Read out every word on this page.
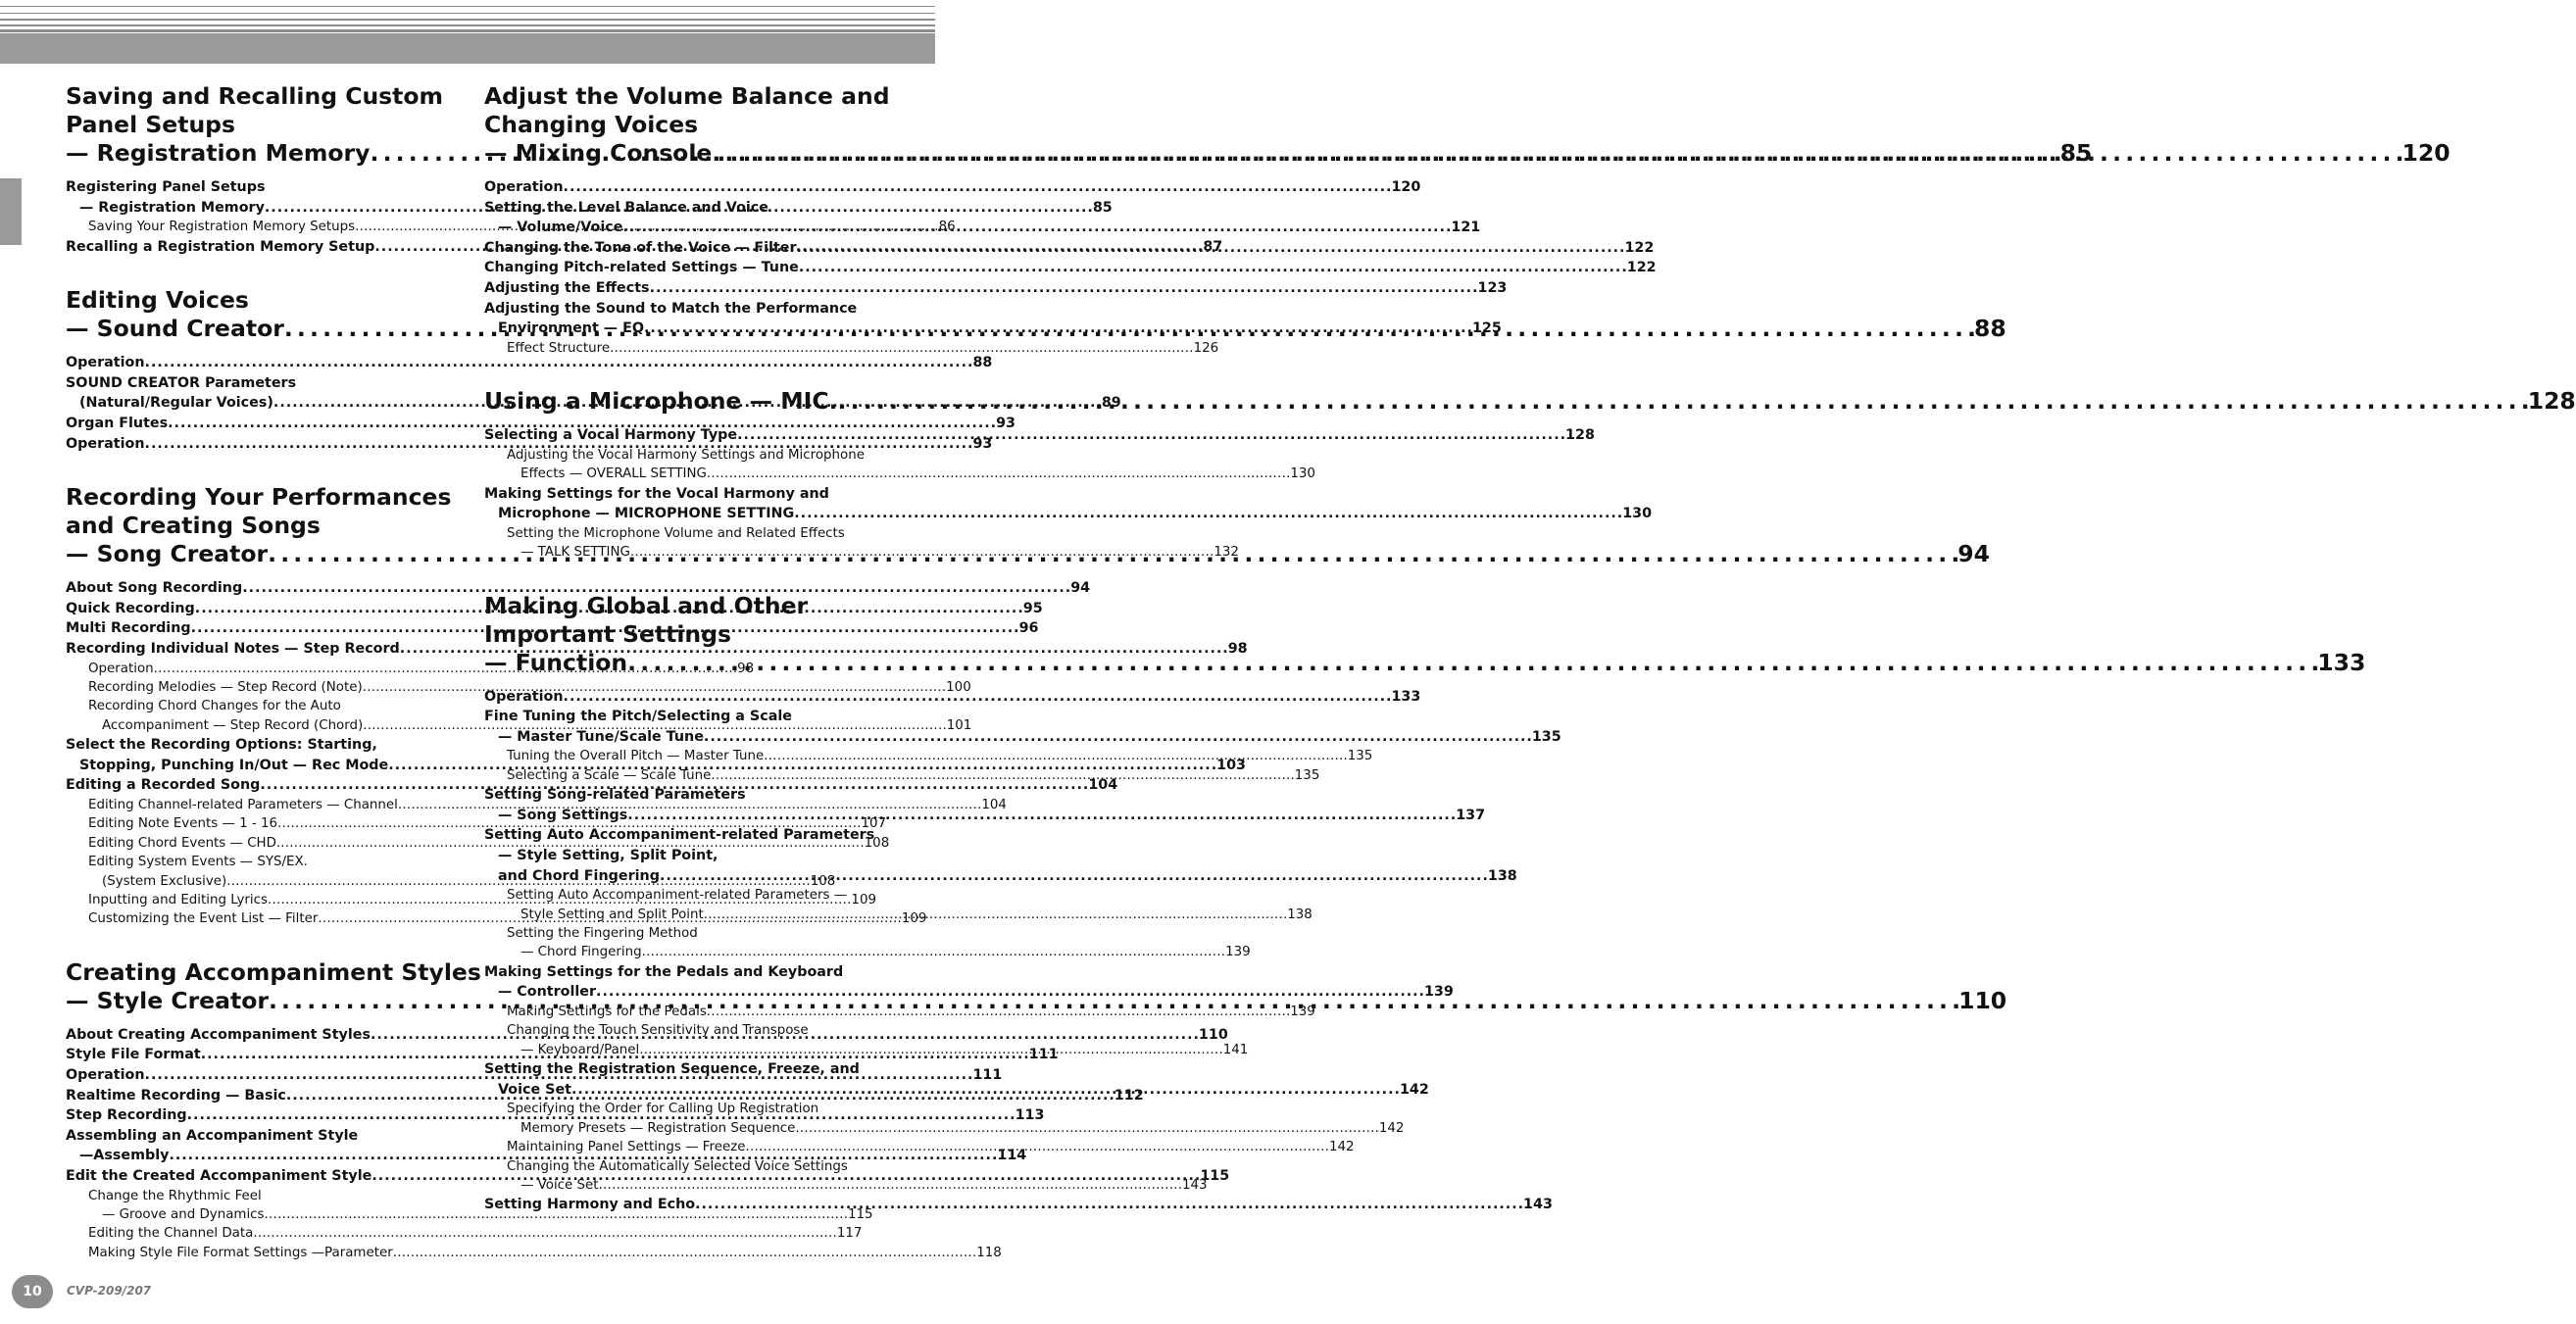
Saving and Recalling Custom
Panel Setups
— Registration Memory . . .	85
Registering Panel Setups
— Registration Memory . . .	85
Saving Your Registration Memory Setups . . .	86
Recalling a Registration Memory Setup . . .	87
Editing Voices
— Sound Creator . . .	88
Operation . . .	88
SOUND CREATOR Parameters
(Natural/Regular Voices) . . .	89
Organ Flutes . . .	93
Operation . . .	93
Recording Your Performances
and Creating Songs
— Song Creator . . .	94
About Song Recording . . .	94
Quick Recording . . .	95
Multi Recording . . .	96
Recording Individual Notes — Step Record . . .	98
Operation . . .	98
Recording Melodies — Step Record (Note) . . .	100
Recording Chord Changes for the Auto
Accompaniment — Step Record (Chord) . . .	101
Select the Recording Options: Starting,
Stopping, Punching In/Out — Rec Mode . . .	103
Editing a Recorded Song . . .	104
Editing Channel-related Parameters — Channel . . .	104
Editing Note Events — 1 - 16 . . .	107
Editing Chord Events — CHD. . . .	108
Editing System Events — SYS/EX.
(System Exclusive) . . .	108
Inputting and Editing Lyrics . . .	109
Customizing the Event List — Filter . . .	109
Creating Accompaniment Styles
— Style Creator . . .	110
About Creating Accompaniment Styles . . .	110
Style File Format . . .	111
Operation . . .	111
Realtime Recording — Basic . . .	112
Step Recording . . .	113
Assembling an Accompaniment Style
—Assembly . . .	114
Edit the Created Accompaniment Style . . .	115
Change the Rhythmic Feel
— Groove and Dynamics . . .	115
Editing the Channel Data . . .	117
Making Style File Format Settings —Parameter . . .	118
Adjust the Volume Balance and
Changing Voices
— Mixing Console . . .	120
Operation . . .	120
Setting the Level Balance and Voice
— Volume/Voice . . .	121
Changing the Tone of the Voice — Filter . . .	122
Changing Pitch-related Settings — Tune . . .	122
Adjusting the Effects . . .	123
Adjusting the Sound to Match the Performance
Environment — EQ . . .	125
Effect Structure . . .	126
Using a Microphone — MIC. . . .	128
Selecting a Vocal Harmony Type . . .	128
Adjusting the Vocal Harmony Settings and Microphone
Effects — OVERALL SETTING . . .	130
Making Settings for the Vocal Harmony and
Microphone — MICROPHONE SETTING . . .	130
Setting the Microphone Volume and Related Effects
— TALK SETTING . . .	132
Making Global and Other
Important Settings
— Function . . .	133
Operation . . .	133
Fine Tuning the Pitch/Selecting a Scale
— Master Tune/Scale Tune . . .	135
Tuning the Overall Pitch — Master Tune . . .	135
Selecting a Scale — Scale Tune . . .	135
Setting Song-related Parameters
— Song Settings . . .	137
Setting Auto Accompaniment-related Parameters
— Style Setting, Split Point,
and Chord Fingering . . .	138
Setting Auto Accompaniment-related Parameters —
Style Setting and Split Point . . .	138
Setting the Fingering Method
— Chord Fingering . . .	139
Making Settings for the Pedals and Keyboard
— Controller . . .	139
Making Settings for the Pedals . . .	139
Changing the Touch Sensitivity and Transpose
— Keyboard/Panel . . .	141
Setting the Registration Sequence, Freeze, and
Voice Set . . .	142
Specifying the Order for Calling Up Registration
Memory Presets — Registration Sequence . . .	142
Maintaining Panel Settings — Freeze . . .	142
Changing the Automatically Selected Voice Settings
— Voice Set . . .	143
Setting Harmony and Echo . . .	143
10	CVP-209/207
